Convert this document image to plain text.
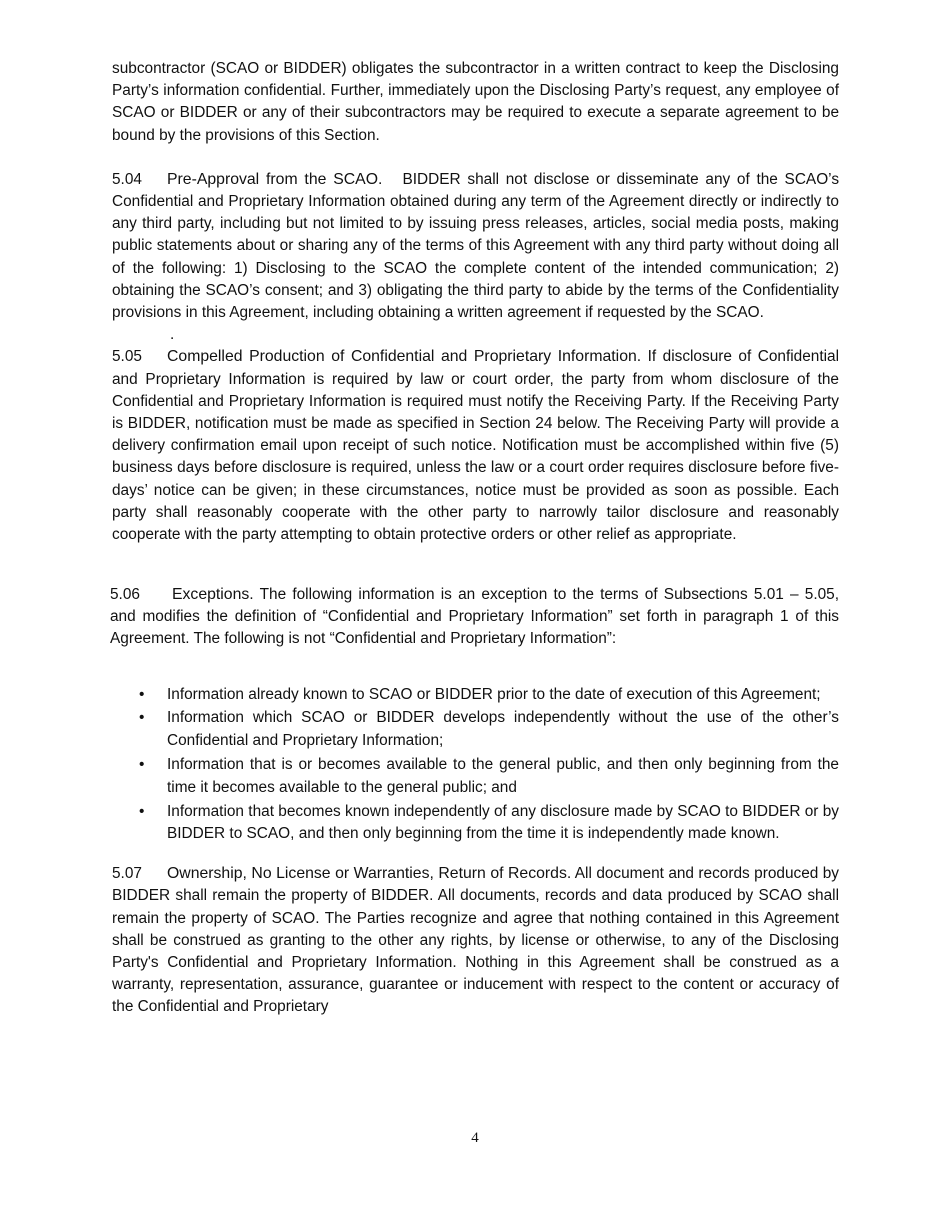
subcontractor (SCAO or BIDDER) obligates the subcontractor in a written contract to keep the Disclosing Party’s information confidential. Further, immediately upon the Disclosing Party’s request, any employee of SCAO or BIDDER or any of their subcontractors may be required to execute a separate agreement to be bound by the provisions of this Section.

5.04 Pre-Approval from the SCAO. BIDDER shall not disclose or disseminate any of the SCAO’s Confidential and Proprietary Information obtained during any term of the Agreement directly or indirectly to any third party, including but not limited to by issuing press releases, articles, social media posts, making public statements about or sharing any of the terms of this Agreement with any third party without doing all of the following: 1) Disclosing to the SCAO the complete content of the intended communication; 2) obtaining the SCAO’s consent; and 3) obligating the third party to abide by the terms of the Confidentiality provisions in this Agreement, including obtaining a written agreement if requested by the SCAO.

.

5.05 Compelled Production of Confidential and Proprietary Information. If disclosure of Confidential and Proprietary Information is required by law or court order, the party from whom disclosure of the Confidential and Proprietary Information is required must notify the Receiving Party. If the Receiving Party is BIDDER, notification must be made as specified in Section 24 below. The Receiving Party will provide a delivery confirmation email upon receipt of such notice. Notification must be accomplished within five (5) business days before disclosure is required, unless the law or a court order requires disclosure before five-days’ notice can be given; in these circumstances, notice must be provided as soon as possible. Each party shall reasonably cooperate with the other party to narrowly tailor disclosure and reasonably cooperate with the party attempting to obtain protective orders or other relief as appropriate.

5.06 Exceptions. The following information is an exception to the terms of Subsections 5.01 – 5.05, and modifies the definition of “Confidential and Proprietary Information” set forth in paragraph 1 of this Agreement. The following is not “Confidential and Proprietary Information”:

• Information already known to SCAO or BIDDER prior to the date of execution of this Agreement;
• Information which SCAO or BIDDER develops independently without the use of the other’s Confidential and Proprietary Information;
• Information that is or becomes available to the general public, and then only beginning from the time it becomes available to the general public; and
• Information that becomes known independently of any disclosure made by SCAO to BIDDER or by BIDDER to SCAO, and then only beginning from the time it is independently made known.

5.07 Ownership, No License or Warranties, Return of Records. All document and records produced by BIDDER shall remain the property of BIDDER. All documents, records and data produced by SCAO shall remain the property of SCAO. The Parties recognize and agree that nothing contained in this Agreement shall be construed as granting to the other any rights, by license or otherwise, to any of the Disclosing Party's Confidential and Proprietary Information. Nothing in this Agreement shall be construed as a warranty, representation, assurance, guarantee or inducement with respect to the content or accuracy of the Confidential and Proprietary

4
